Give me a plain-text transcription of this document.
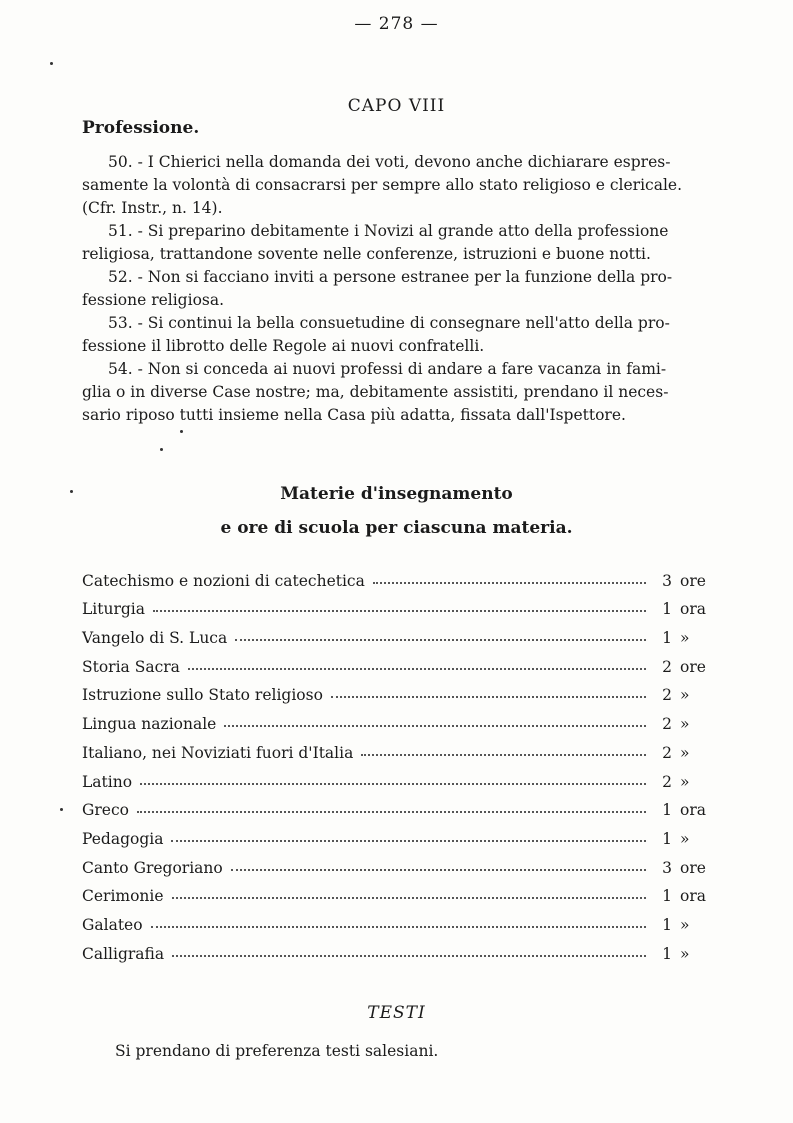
— 278 —
CAPO VIII
Professione.
50. - I Chierici nella domanda dei voti, devono anche dichiarare espres-
samente la volontà di consacrarsi per sempre allo stato religioso e clericale.
(Cfr. Instr., n. 14).
51. - Si preparino debitamente i Novizi al grande atto della professione
religiosa, trattandone sovente nelle conferenze, istruzioni e buone notti.
52. - Non si facciano inviti a persone estranee per la funzione della pro-
fessione religiosa.
53. - Si continui la bella consuetudine di consegnare nell'atto della pro-
fessione il librotto delle Regole ai nuovi confratelli.
54. - Non si conceda ai nuovi professi di andare a fare vacanza in fami-
glia o in diverse Case nostre; ma, debitamente assistiti, prendano il neces-
sario riposo tutti insieme nella Casa più adatta, fissata dall'Ispettore.
Materie d'insegnamento
e ore di scuola per ciascuna materia.
Catechismo e nozioni di catechetica	3 ore
Liturgia	1 ora
Vangelo di S. Luca	1 »
Storia Sacra	2 ore
Istruzione sullo Stato religioso	2 »
Lingua nazionale	2 »
Italiano, nei Noviziati fuori d'Italia	2 »
Latino	2 »
Greco	1 ora
Pedagogia	1 »
Canto Gregoriano	3 ore
Cerimonie	1 ora
Galateo	1 »
Calligrafia	1 »
TESTI
Si prendano di preferenza testi salesiani.
